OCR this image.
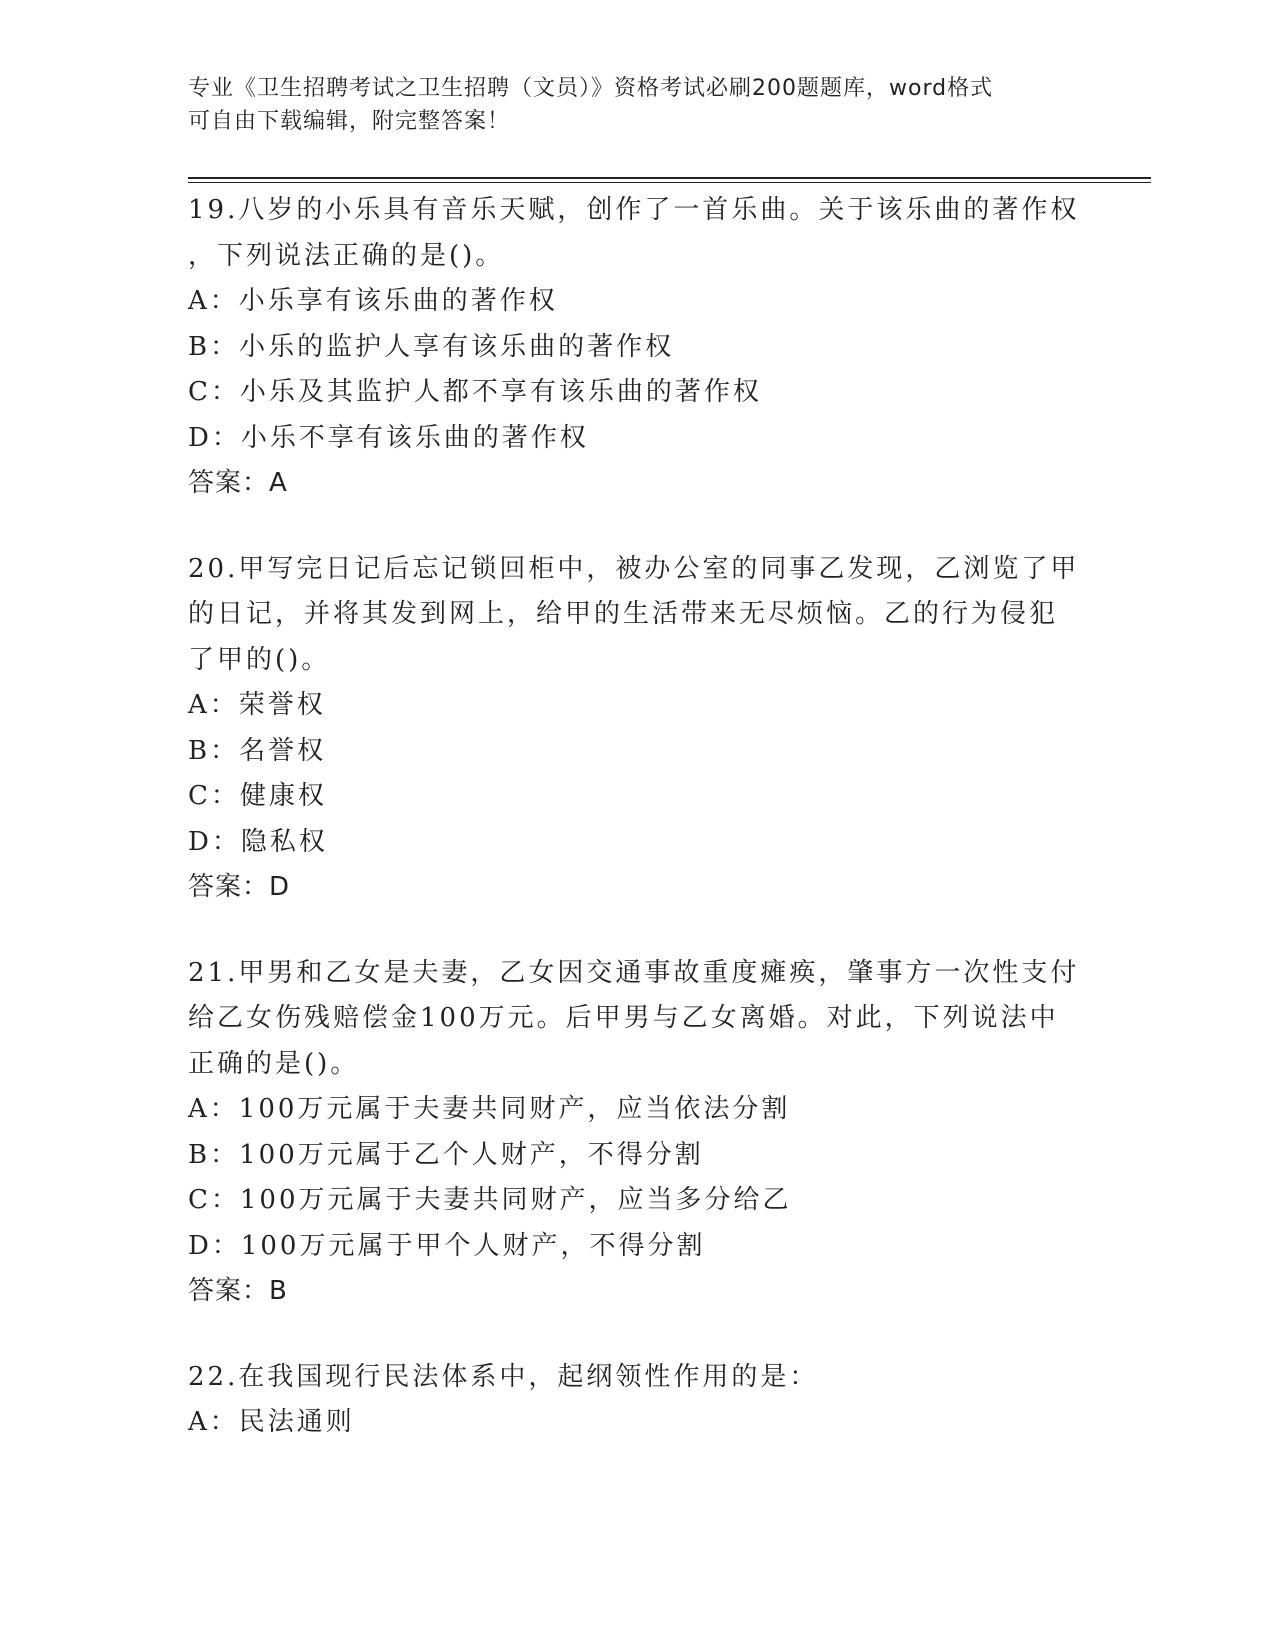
专业《卫生招聘考试之卫生招聘（文员）》资格考试必刷200题题库，word格式
可自由下载编辑，附完整答案！
19.八岁的小乐具有音乐天赋，创作了一首乐曲。关于该乐曲的著作权
，下列说法正确的是()。
A：小乐享有该乐曲的著作权
B：小乐的监护人享有该乐曲的著作权
C：小乐及其监护人都不享有该乐曲的著作权
D：小乐不享有该乐曲的著作权
答案：A
20.甲写完日记后忘记锁回柜中，被办公室的同事乙发现，乙浏览了甲
的日记，并将其发到网上，给甲的生活带来无尽烦恼。乙的行为侵犯
了甲的()。
A：荣誉权
B：名誉权
C：健康权
D：隐私权
答案：D
21.甲男和乙女是夫妻，乙女因交通事故重度瘫痪，肇事方一次性支付
给乙女伤残赔偿金100万元。后甲男与乙女离婚。对此，下列说法中
正确的是()。
A：100万元属于夫妻共同财产，应当依法分割
B：100万元属于乙个人财产，不得分割
C：100万元属于夫妻共同财产，应当多分给乙
D：100万元属于甲个人财产，不得分割
答案：B
22.在我国现行民法体系中，起纲领性作用的是：
A：民法通则
